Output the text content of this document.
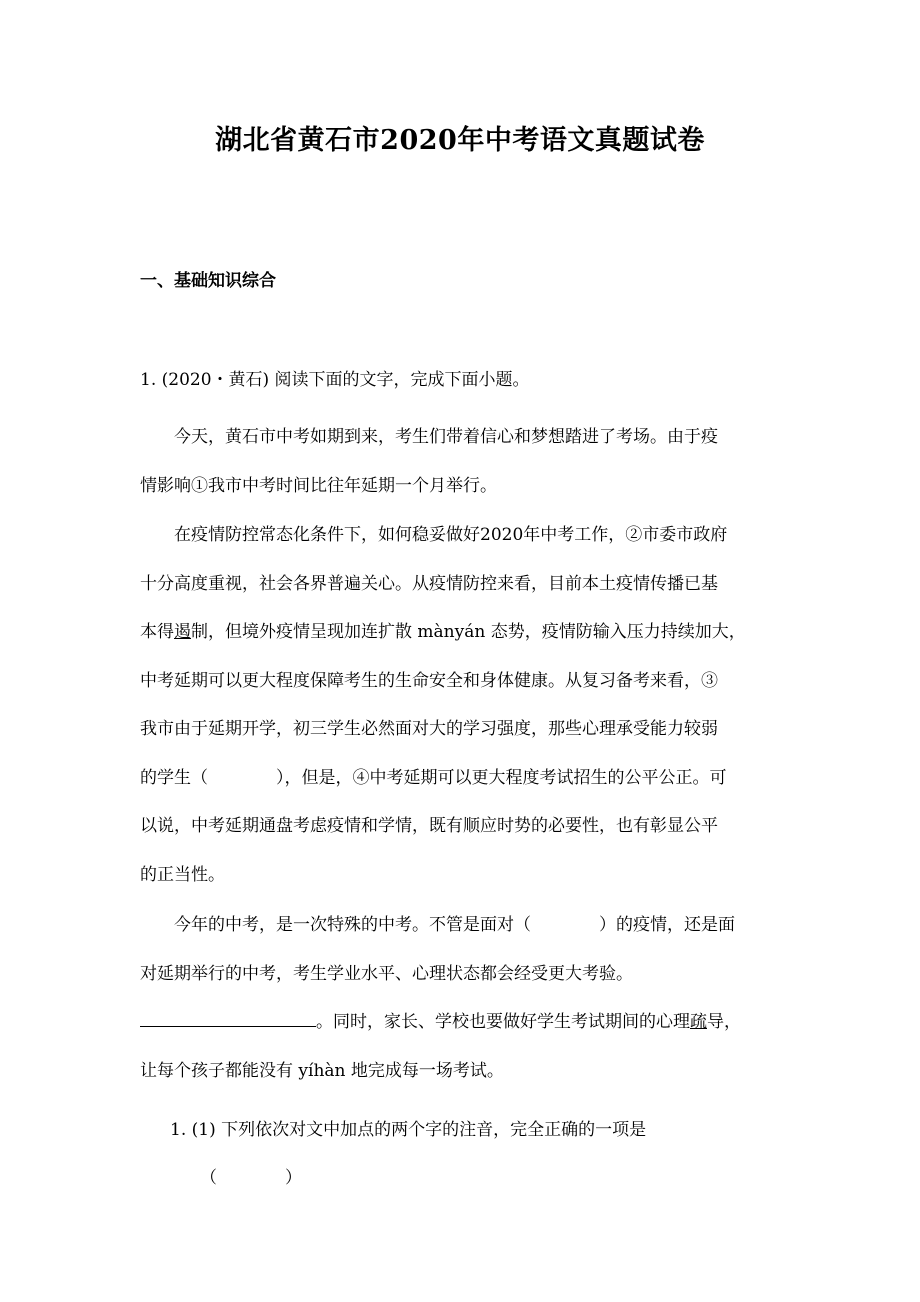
湖北省黄石市2020年中考语文真题试卷
一、基础知识综合
1. (2020・黄石) 阅读下面的文字，完成下面小题。
今天，黄石市中考如期到来，考生们带着信心和梦想踏进了考场。由于疫
情影响①我市中考时间比往年延期一个月举行。
在疫情防控常态化条件下，如何稳妥做好2020年中考工作，②市委市政府
十分高度重视，社会各界普遍关心。从疫情防控来看，目前本土疫情传播已基
本得遏制，但境外疫情呈现加连扩散 mànyán 态势，疫情防输入压力持续加大，
中考延期可以更大程度保障考生的生命安全和身体健康。从复习备考来看，③
我市由于延期开学，初三学生必然面对大的学习强度，那些心理承受能力较弱
的学生（　　　　），但是，④中考延期可以更大程度考试招生的公平公正。可
以说，中考延期通盘考虑疫情和学情，既有顺应时势的必要性，也有彰显公平
的正当性。
今年的中考，是一次特殊的中考。不管是面对（　　　　）的疫情，还是面
对延期举行的中考，考生学业水平、心理状态都会经受更大考验。
。同时，家长、学校也要做好学生考试期间的心理疏导，
让每个孩子都能没有 yíhàn 地完成每一场考试。
1. (1) 下列依次对文中加点的两个字的注音，完全正确的一项是
（　　　　）
